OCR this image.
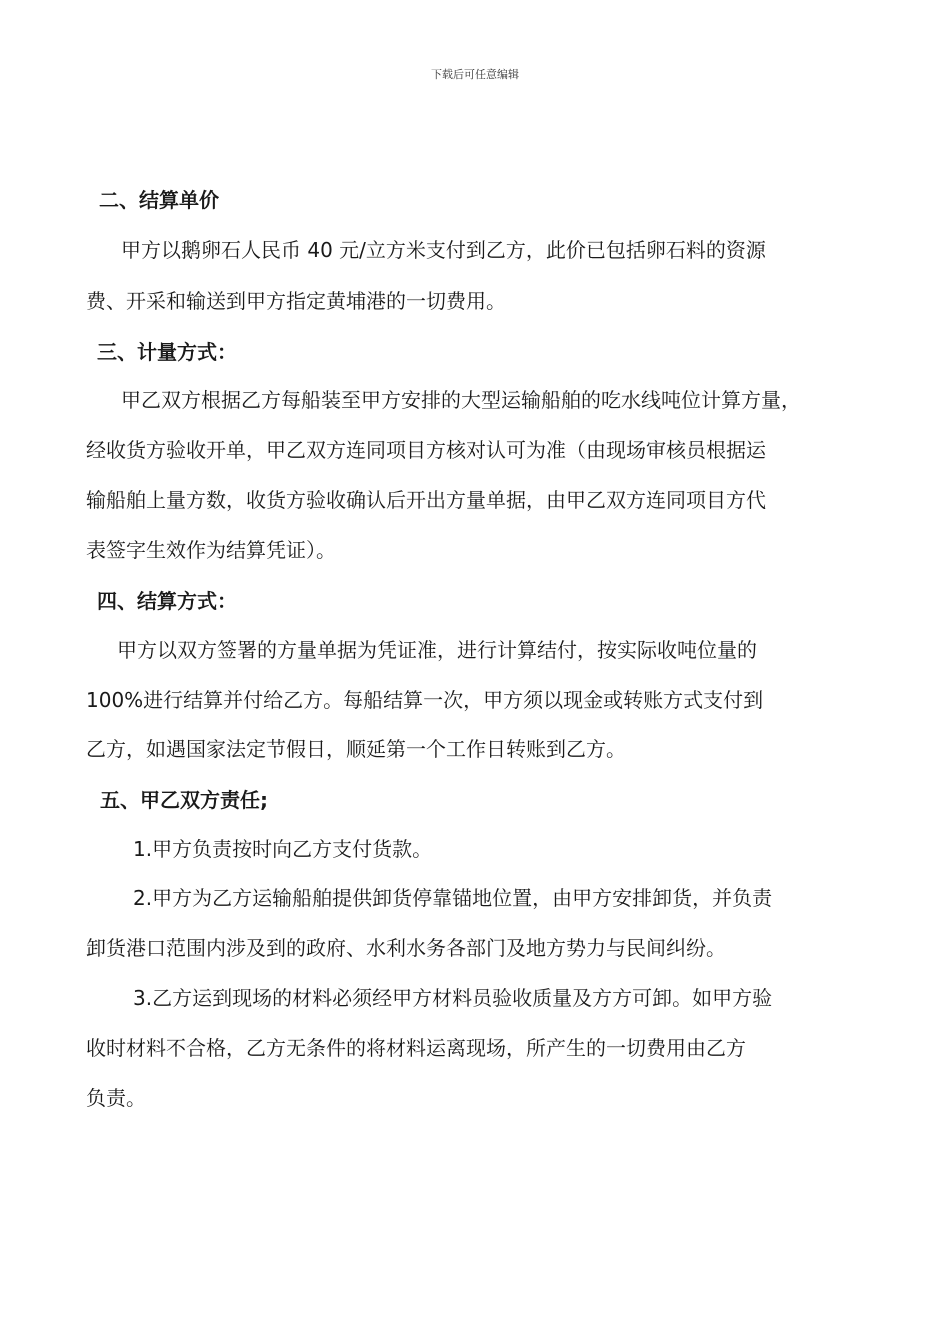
下载后可任意编辑
二、结算单价
甲方以鹅卵石人民币 40 元/立方米支付到乙方，此价已包括卵石料的资源
费、开采和输送到甲方指定黄埔港的一切费用。
三、计量方式：
甲乙双方根据乙方每船装至甲方安排的大型运输船舶的吃水线吨位计算方量，
经收货方验收开单，甲乙双方连同项目方核对认可为准（由现场审核员根据运
输船舶上量方数，收货方验收确认后开出方量单据，由甲乙双方连同项目方代
表签字生效作为结算凭证）。
四、结算方式：
甲方以双方签署的方量单据为凭证准，进行计算结付，按实际收吨位量的
100%进行结算并付给乙方。每船结算一次，甲方须以现金或转账方式支付到
乙方，如遇国家法定节假日，顺延第一个工作日转账到乙方。
五、甲乙双方责任;
1.甲方负责按时向乙方支付货款。
2.甲方为乙方运输船舶提供卸货停靠锚地位置，由甲方安排卸货，并负责
卸货港口范围内涉及到的政府、水利水务各部门及地方势力与民间纠纷。
3.乙方运到现场的材料必须经甲方材料员验收质量及方方可卸。如甲方验
收时材料不合格，乙方无条件的将材料运离现场，所产生的一切费用由乙方
负责。
